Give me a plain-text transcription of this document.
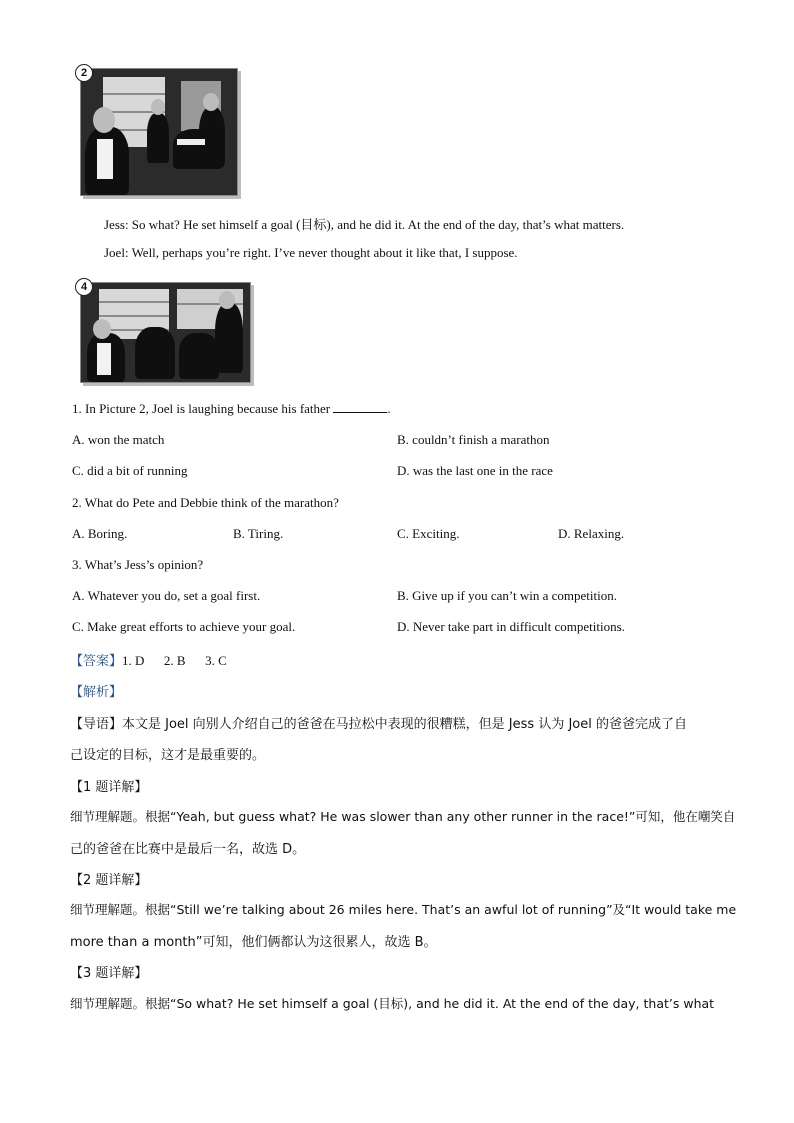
2
Jess: So what? He set himself a goal (目标), and he did it. At the end of the day, that’s what matters.
Joel: Well, perhaps you’re right. I’ve never thought about it like that, I suppose.
4
1. In Picture 2, Joel is laughing because his father	.
A. won the match	B. couldn’t finish a marathon
C. did a bit of running	D. was the last one in the race
2. What do Pete and Debbie think of the marathon?
A. Boring.	B. Tiring.	C. Exciting.	D. Relaxing.
3. What’s Jess’s opinion?
A. Whatever you do, set a goal first.	B. Give up if you can’t win a competition.
C. Make great efforts to achieve your goal.	D. Never take part in difficult competitions.
【答案】1. D      2. B      3. C
【解析】
【导语】本文是 Joel 向别人介绍自己的爸爸在马拉松中表现的很糟糕，但是 Jess 认为 Joel 的爸爸完成了自
己设定的目标，这才是最重要的。
【1 题详解】
细节理解题。根据“Yeah, but guess what? He was slower than any other runner in the race!”可知，他在嘲笑自
己的爸爸在比赛中是最后一名，故选 D。
【2 题详解】
细节理解题。根据“Still we’re talking about 26 miles here. That’s an awful lot of running”及“It would take me
more than a month”可知，他们俩都认为这很累人，故选 B。
【3 题详解】
细节理解题。根据“So what? He set himself a goal (目标), and he did it. At the end of the day, that’s what
